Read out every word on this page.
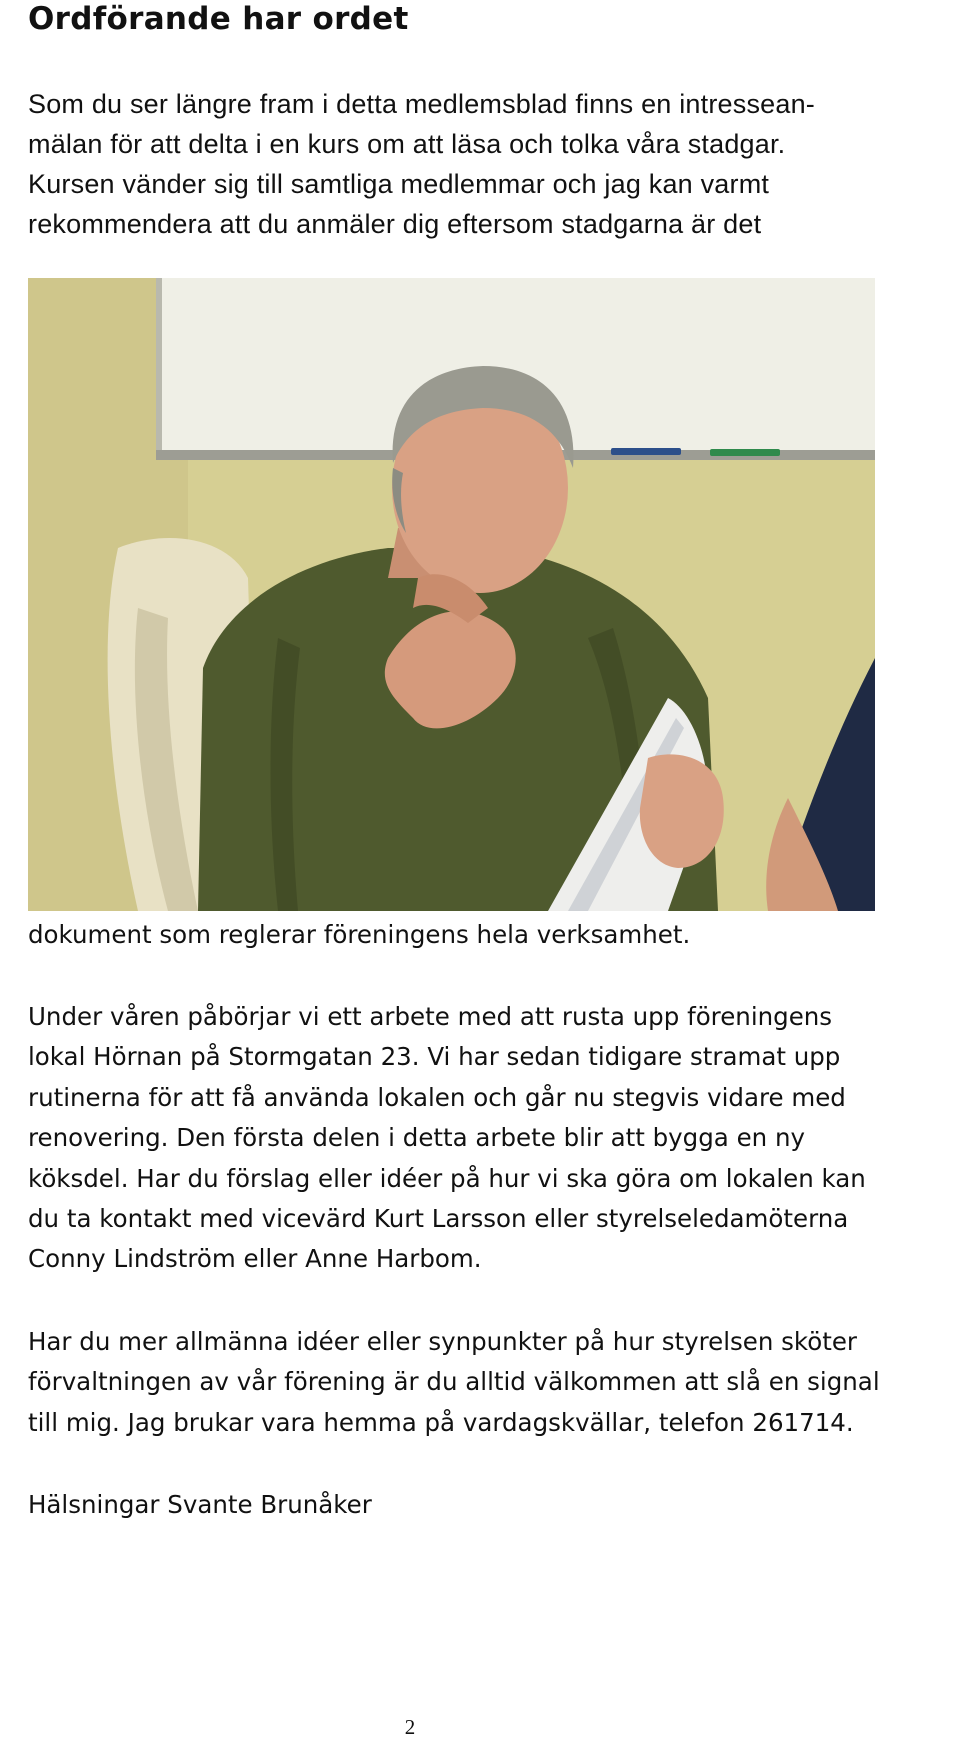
Ordförande har ordet
Som du ser längre fram i detta medlemsblad finns en intressean-
mälan för att delta i en kurs om att läsa och tolka våra stadgar.
Kursen vänder sig till samtliga medlemmar och jag kan varmt
rekommendera att du anmäler dig eftersom stadgarna är det
dokument som reglerar föreningens hela verksamhet.
Under våren påbörjar vi ett arbete med att rusta upp föreningens
lokal Hörnan på Stormgatan 23. Vi har sedan tidigare stramat upp
rutinerna för att få använda lokalen och går nu stegvis vidare med
renovering. Den första delen i detta arbete blir att bygga en ny
köksdel. Har du förslag eller idéer på hur vi ska göra om lokalen kan
du ta kontakt med vicevärd Kurt Larsson eller styrelseledamöterna
Conny Lindström eller Anne Harbom.
Har du mer allmänna idéer eller synpunkter på hur styrelsen sköter
förvaltningen av vår förening är du alltid välkommen att slå en signal
till mig. Jag brukar vara hemma på vardagskvällar, telefon 261714.
Hälsningar Svante Brunåker
2
